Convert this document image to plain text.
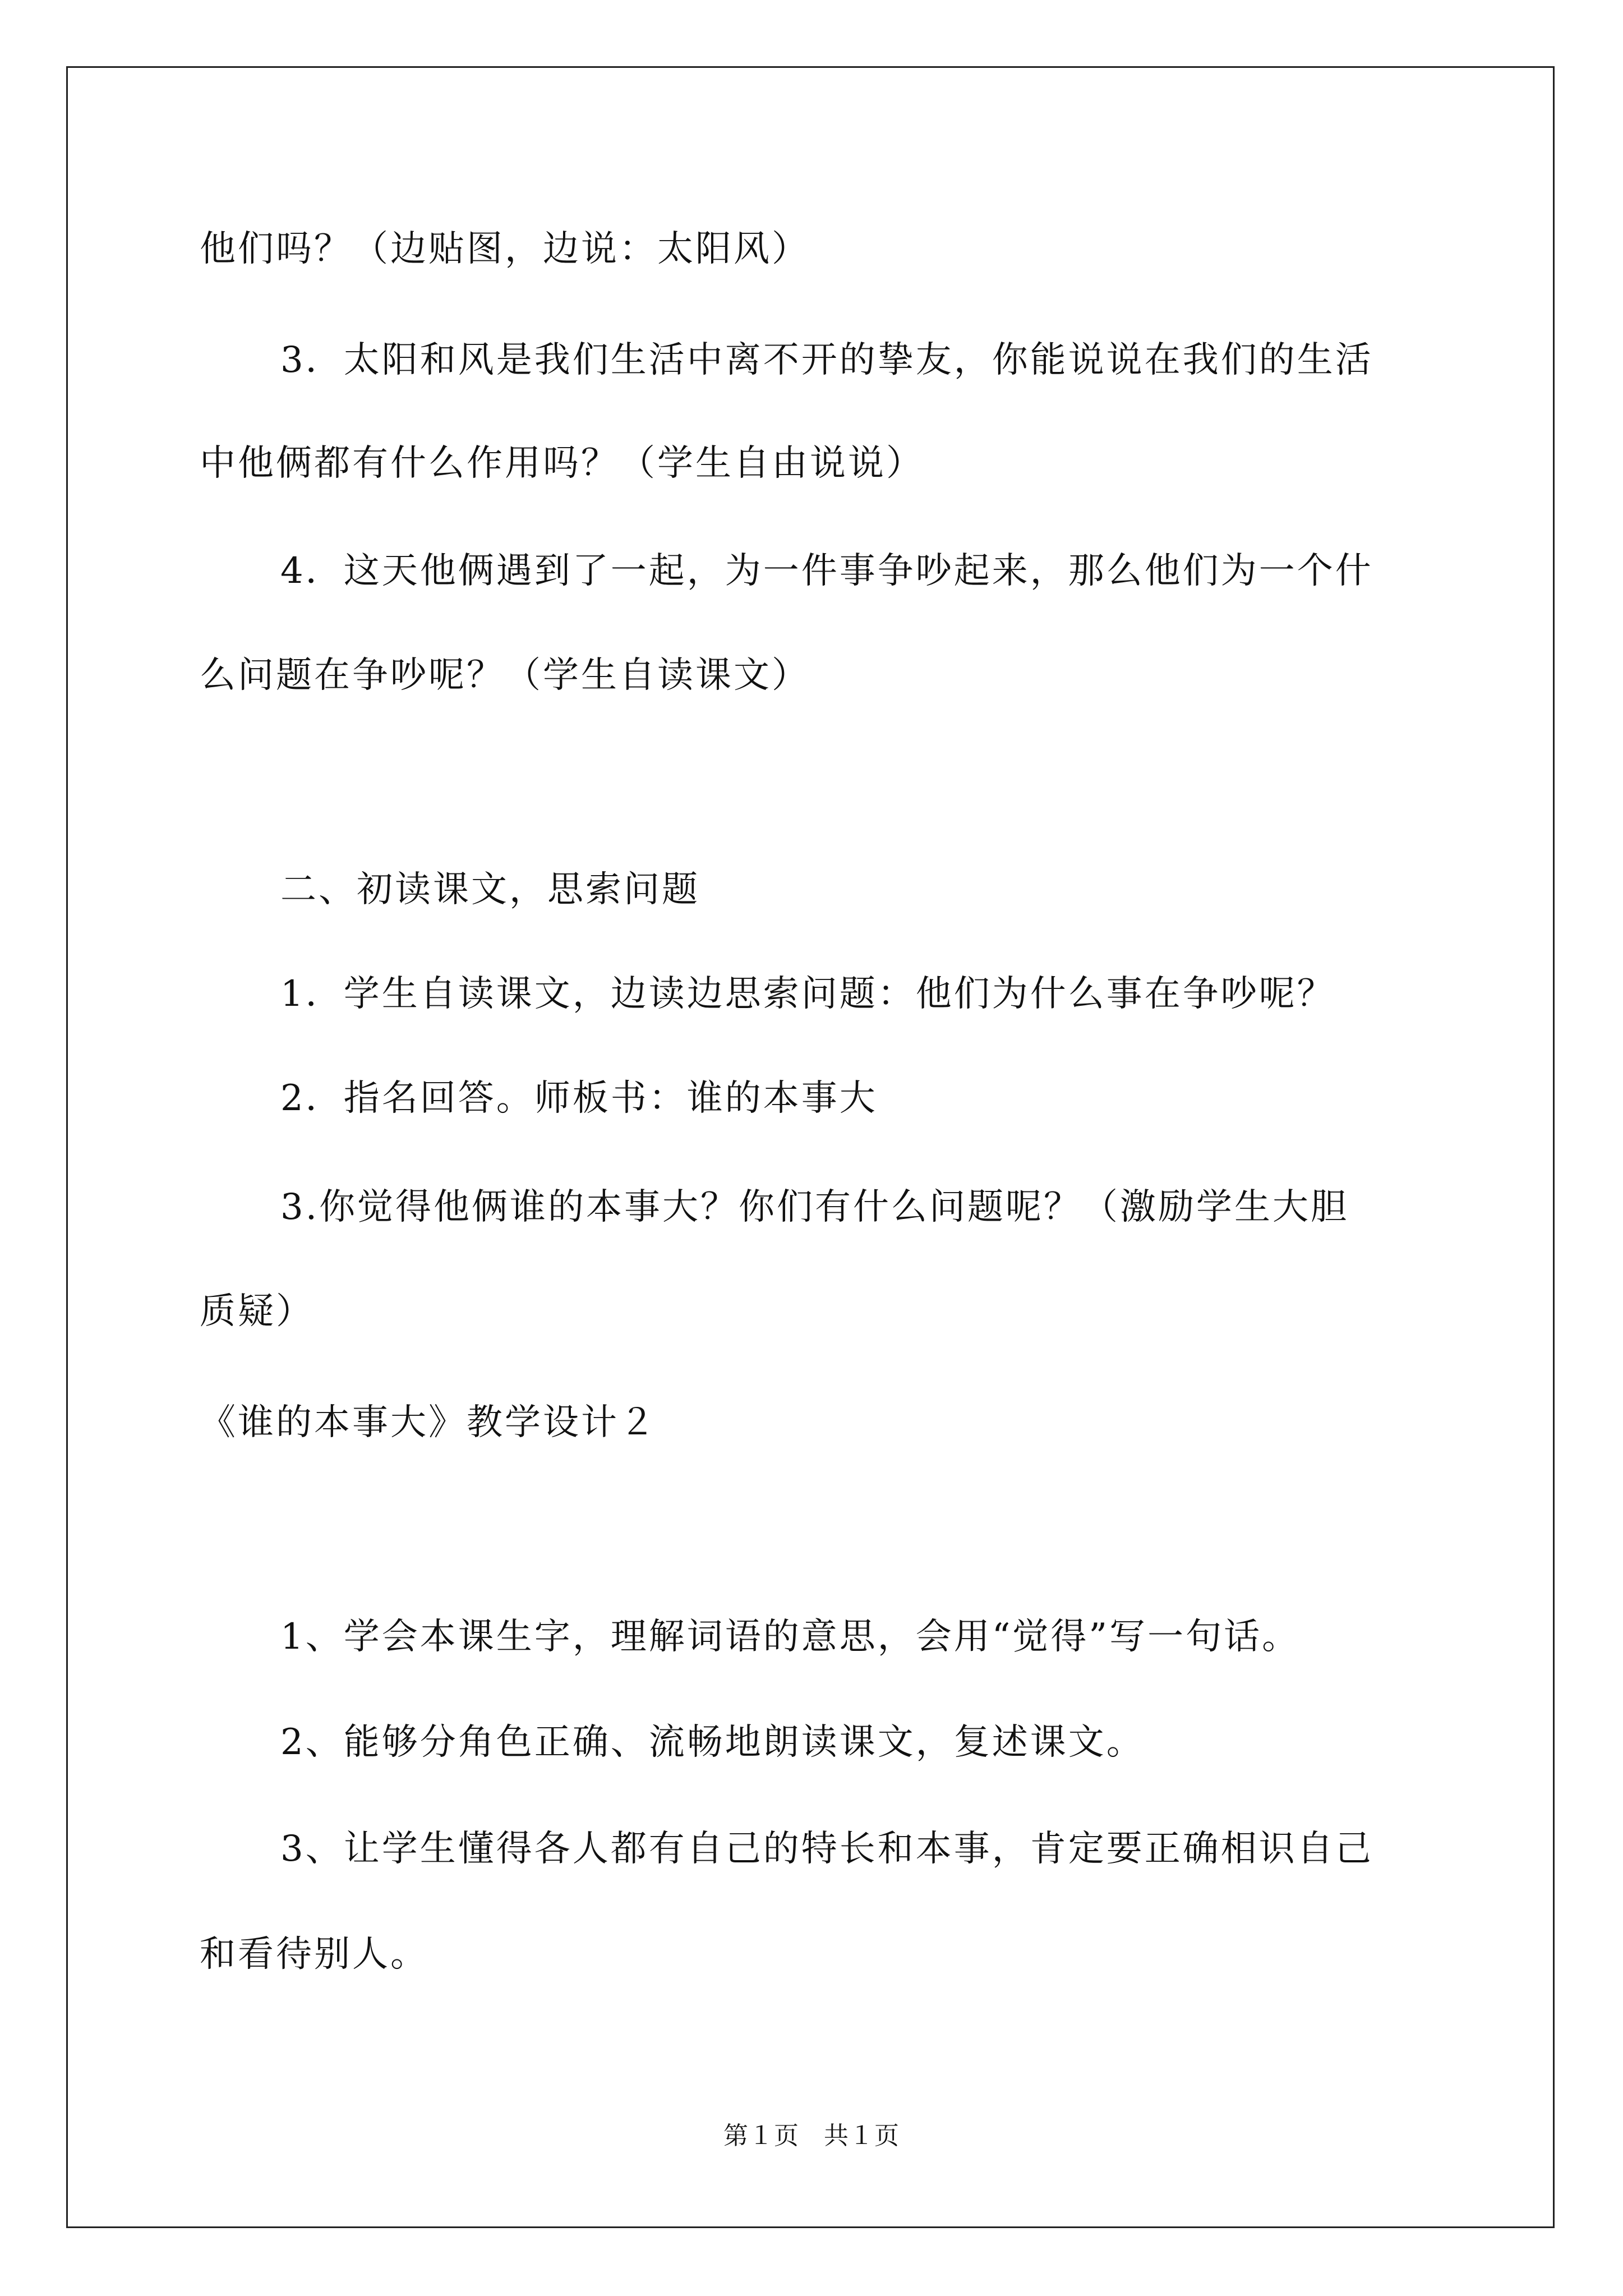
他们吗？（边贴图，边说：太阳风）
3．太阳和风是我们生活中离不开的挚友，你能说说在我们的生活
中他俩都有什么作用吗？（学生自由说说）
4．这天他俩遇到了一起，为一件事争吵起来，那么他们为一个什
么问题在争吵呢？（学生自读课文）
二、初读课文，思索问题
1．学生自读课文，边读边思索问题：他们为什么事在争吵呢？
2．指名回答。师板书：谁的本事大
3.你觉得他俩谁的本事大？你们有什么问题呢？（激励学生大胆
质疑）
《谁的本事大》教学设计２
1、学会本课生字，理解词语的意思，会用“觉得”写一句话。
2、能够分角色正确、流畅地朗读课文，复述课文。
3、让学生懂得各人都有自己的特长和本事，肯定要正确相识自己
和看待别人。
第１页 共１页
